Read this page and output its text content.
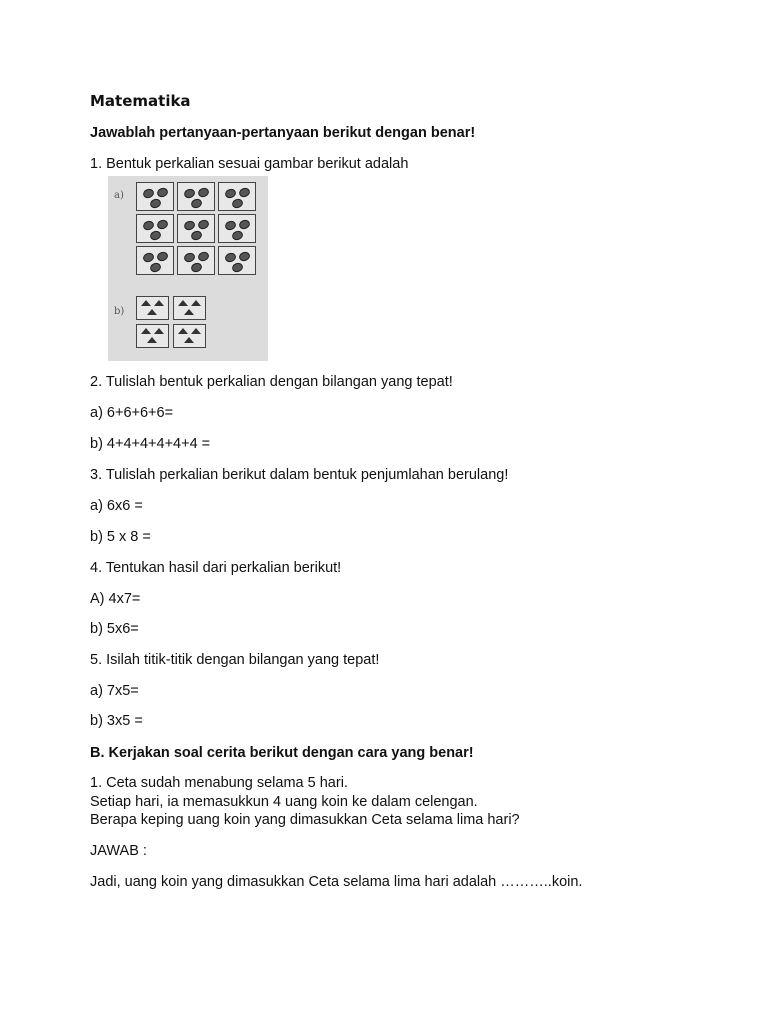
Matematika
Jawablah pertanyaan-pertanyaan berikut dengan benar!
1. Bentuk perkalian sesuai gambar berikut adalah
a)
b)
2. Tulislah bentuk perkalian dengan bilangan yang tepat!
a) 6+6+6+6=
b) 4+4+4+4+4+4 =
3. Tulislah perkalian berikut dalam bentuk penjumlahan berulang!
a) 6x6 =
b) 5 x 8 =
4. Tentukan hasil dari perkalian berikut!
A) 4x7=
b) 5x6=
5. Isilah titik-titik dengan bilangan yang tepat!
a) 7x5=
b) 3x5 =
B. Kerjakan soal cerita berikut dengan cara yang benar!
1. Ceta sudah menabung selama 5 hari.
Setiap hari, ia memasukkun 4 uang koin ke dalam celengan.
Berapa keping uang koin yang dimasukkan Ceta selama lima hari?
JAWAB :
Jadi, uang koin yang dimasukkan Ceta selama lima hari adalah ………..koin.
